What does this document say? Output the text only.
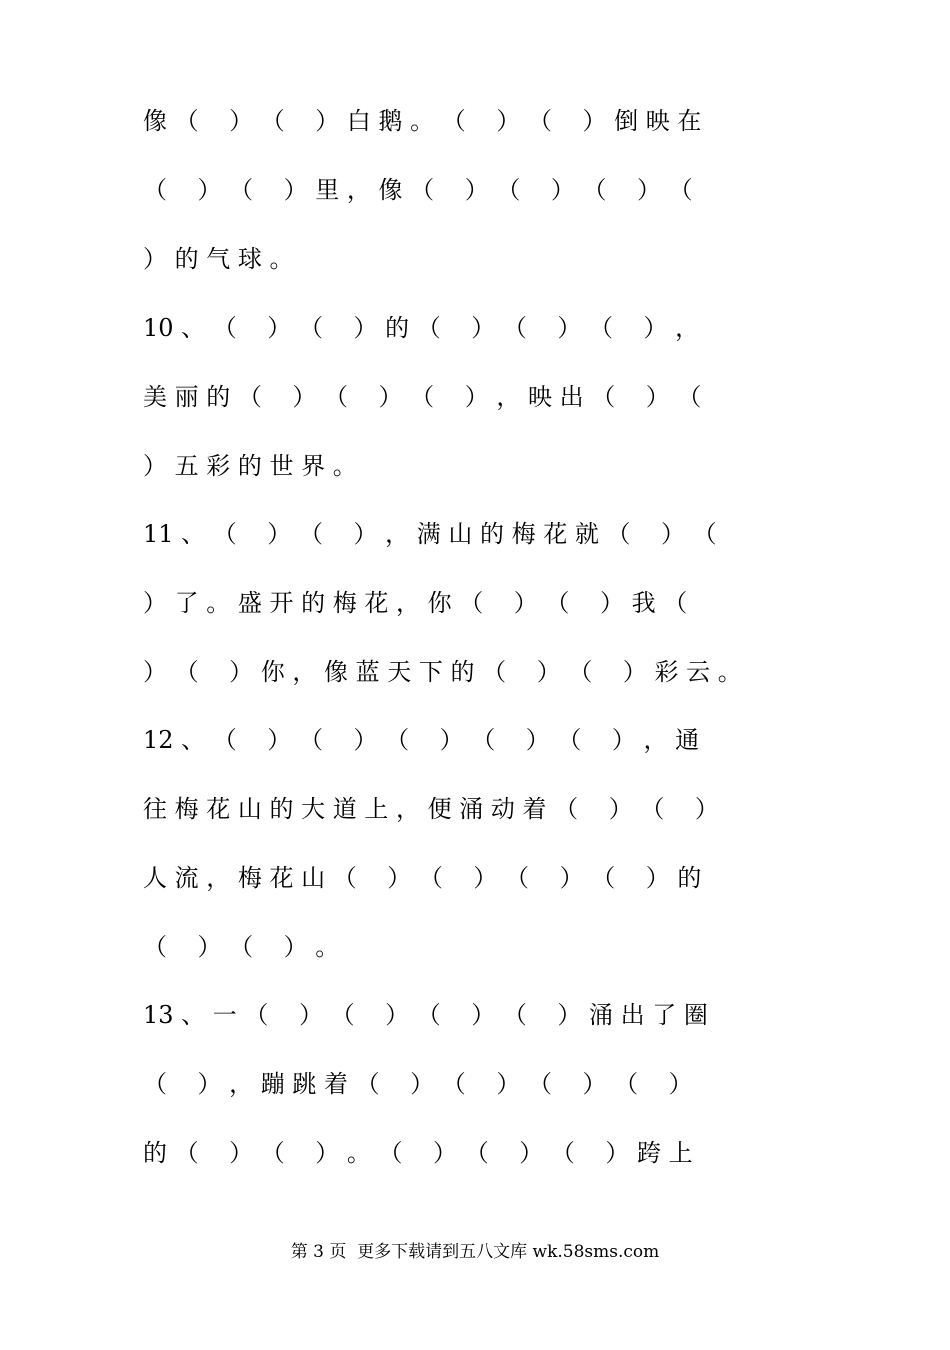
像 （    ） （    ） 白 鹅 。 （    ） （    ） 倒 映 在
（    ） （    ） 里 ， 像 （    ） （    ） （    ） （
） 的 气 球 。
10 、 （    ） （    ） 的 （    ） （    ） （    ） ，
美 丽 的 （    ） （    ） （    ） ， 映 出 （    ） （
） 五 彩 的 世 界 。
11 、 （    ） （    ） ， 满 山 的 梅 花 就 （    ） （
） 了 。 盛 开 的 梅 花 ， 你 （    ） （    ） 我 （
） （    ） 你 ， 像 蓝 天 下 的 （    ） （    ） 彩 云 。
12 、 （    ） （    ） （    ） （    ） （    ） ， 通
往 梅 花 山 的 大 道 上 ， 便 涌 动 着 （    ） （    ）
人 流 ， 梅 花 山 （    ） （    ） （    ） （    ） 的
（    ） （    ） 。
13 、 一 （    ） （    ） （    ） （    ） 涌 出 了 圈
（    ） ， 蹦 跳 着 （    ） （    ） （    ） （    ）
的 （    ） （    ） 。 （    ） （    ） （    ） 跨 上
第 3 页  更多下载请到五八文库 wk.58sms.com
